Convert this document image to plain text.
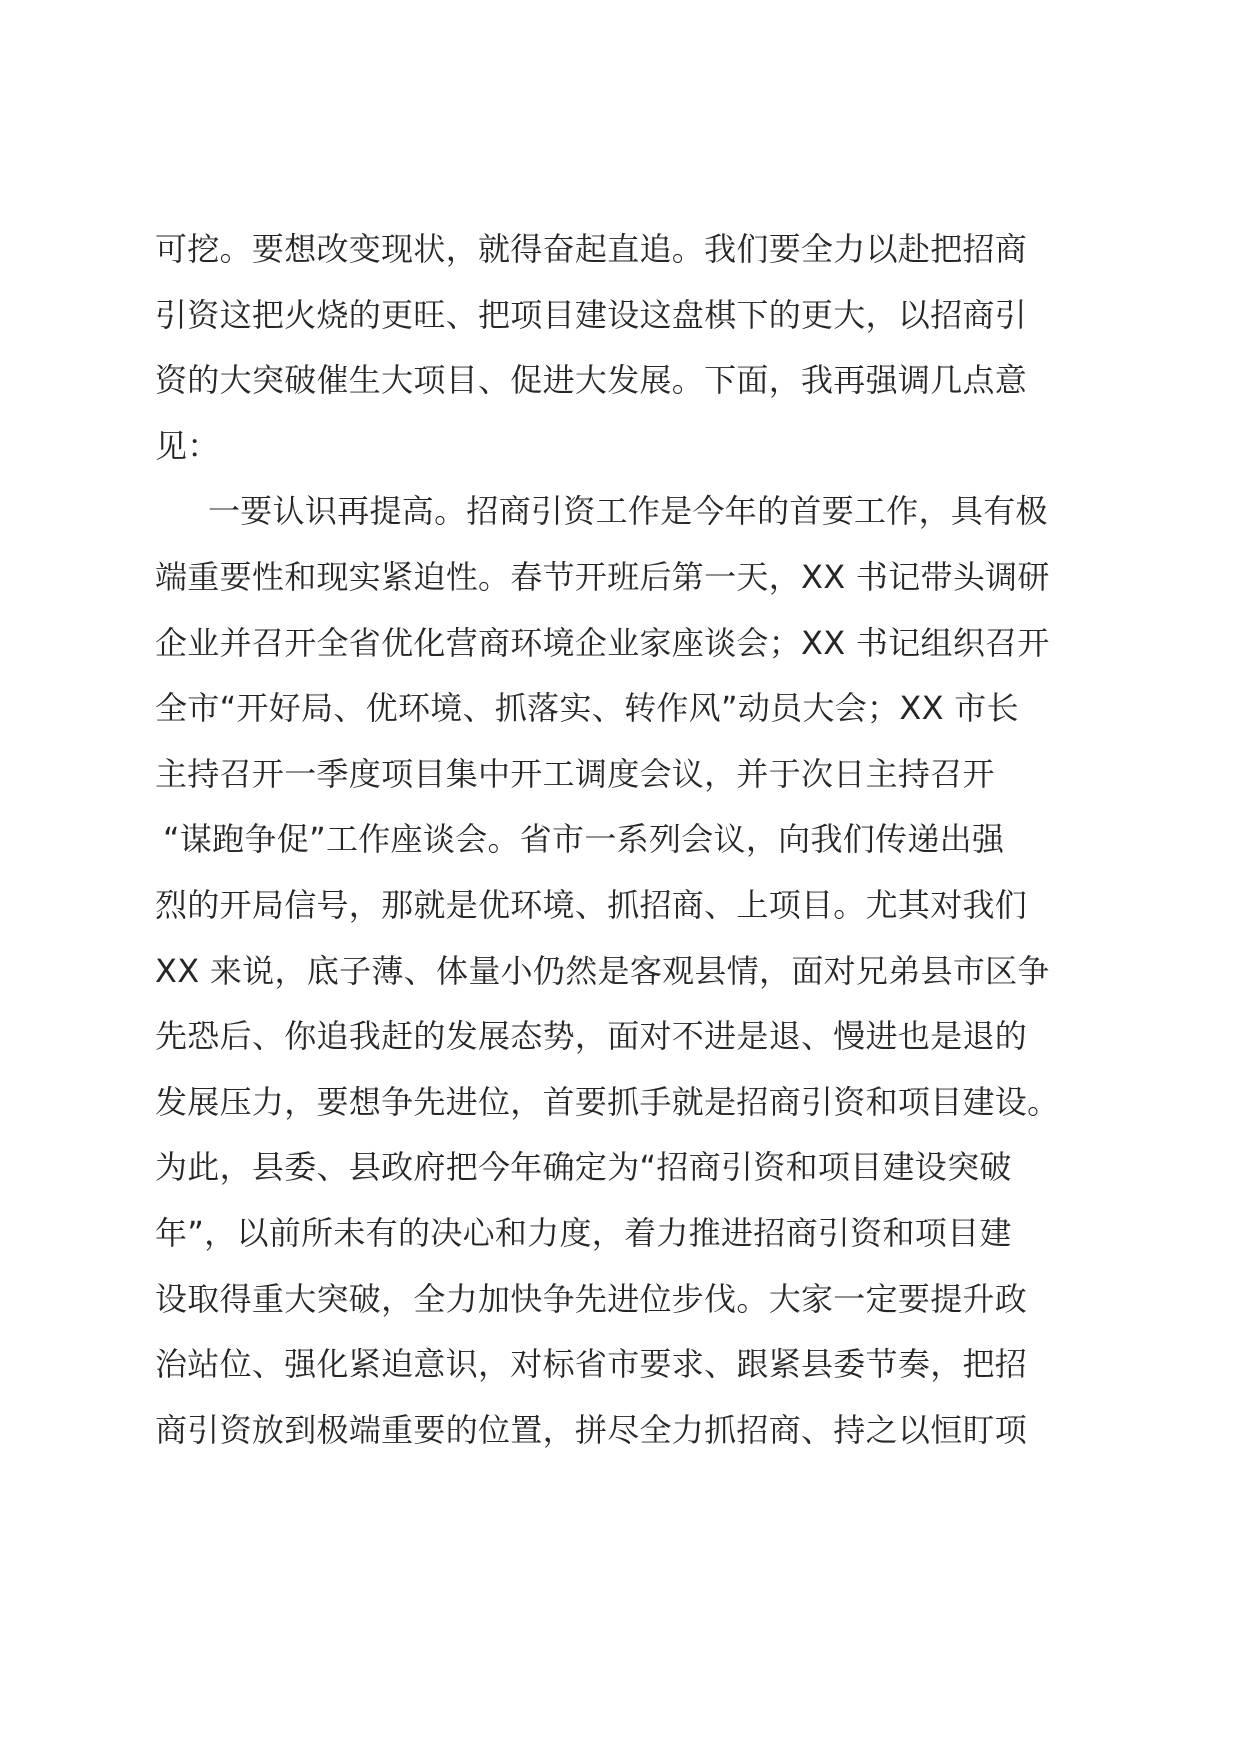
可挖。要想改变现状，就得奋起直追。我们要全力以赴把招商
引资这把火烧的更旺、把项目建设这盘棋下的更大，以招商引
资的大突破催生大项目、促进大发展。下面，我再强调几点意
见：
一要认识再提高。招商引资工作是今年的首要工作，具有极
端重要性和现实紧迫性。春节开班后第一天，XX 书记带头调研
企业并召开全省优化营商环境企业家座谈会；XX 书记组织召开
全市“开好局、优环境、抓落实、转作风”动员大会；XX 市长
主持召开一季度项目集中开工调度会议，并于次日主持召开
“谋跑争促”工作座谈会。省市一系列会议，向我们传递出强
烈的开局信号，那就是优环境、抓招商、上项目。尤其对我们
XX 来说，底子薄、体量小仍然是客观县情，面对兄弟县市区争
先恐后、你追我赶的发展态势，面对不进是退、慢进也是退的
发展压力，要想争先进位，首要抓手就是招商引资和项目建设。
为此，县委、县政府把今年确定为“招商引资和项目建设突破
年”，以前所未有的决心和力度，着力推进招商引资和项目建
设取得重大突破，全力加快争先进位步伐。大家一定要提升政
治站位、强化紧迫意识，对标省市要求、跟紧县委节奏，把招
商引资放到极端重要的位置，拼尽全力抓招商、持之以恒盯项
